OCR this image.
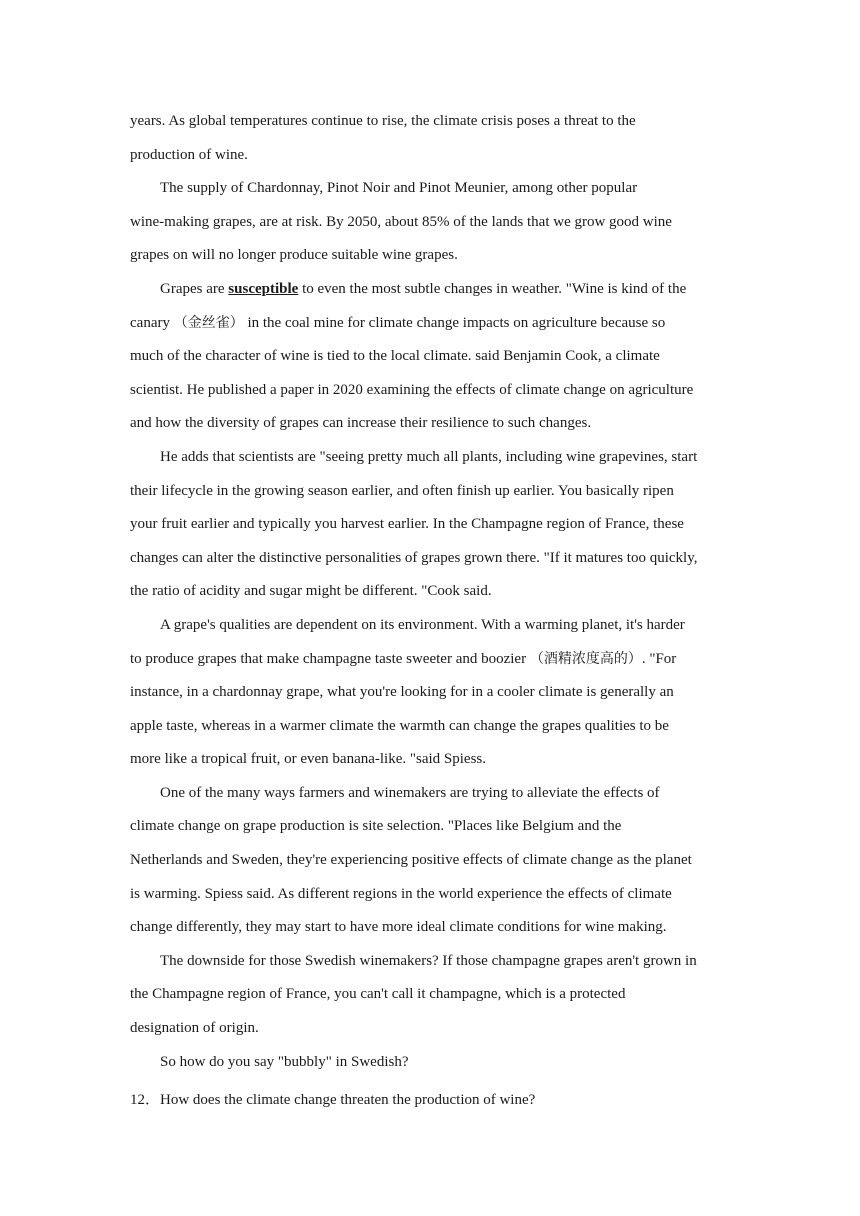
years. As global temperatures continue to rise, the climate crisis poses a threat to the
production of wine.
The supply of Chardonnay, Pinot Noir and Pinot Meunier, among other popular
wine-making grapes, are at risk. By 2050, about 85% of the lands that we grow good wine
grapes on will no longer produce suitable wine grapes.
Grapes are susceptible to even the most subtle changes in weather. "Wine is kind of the
canary （金丝雀） in the coal mine for climate change impacts on agriculture because so
much of the character of wine is tied to the local climate. said Benjamin Cook, a climate
scientist. He published a paper in 2020 examining the effects of climate change on agriculture
and how the diversity of grapes can increase their resilience to such changes.
He adds that scientists are "seeing pretty much all plants, including wine grapevines, start
their lifecycle in the growing season earlier, and often finish up earlier. You basically ripen
your fruit earlier and typically you harvest earlier. In the Champagne region of France, these
changes can alter the distinctive personalities of grapes grown there. "If it matures too quickly,
the ratio of acidity and sugar might be different. "Cook said.
A grape's qualities are dependent on its environment. With a warming planet, it's harder
to produce grapes that make champagne taste sweeter and boozier （酒精浓度高的）. "For
instance, in a chardonnay grape, what you're looking for in a cooler climate is generally an
apple taste, whereas in a warmer climate the warmth can change the grapes qualities to be
more like a tropical fruit, or even banana-like. "said Spiess.
One of the many ways farmers and winemakers are trying to alleviate the effects of
climate change on grape production is site selection. "Places like Belgium and the
Netherlands and Sweden, they're experiencing positive effects of climate change as the planet
is warming. Spiess said. As different regions in the world experience the effects of climate
change differently, they may start to have more ideal climate conditions for wine making.
The downside for those Swedish winemakers? If those champagne grapes aren't grown in
the Champagne region of France, you can't call it champagne, which is a protected
designation of origin.
So how do you say "bubbly" in Swedish?
12．How does the climate change threaten the production of wine?
